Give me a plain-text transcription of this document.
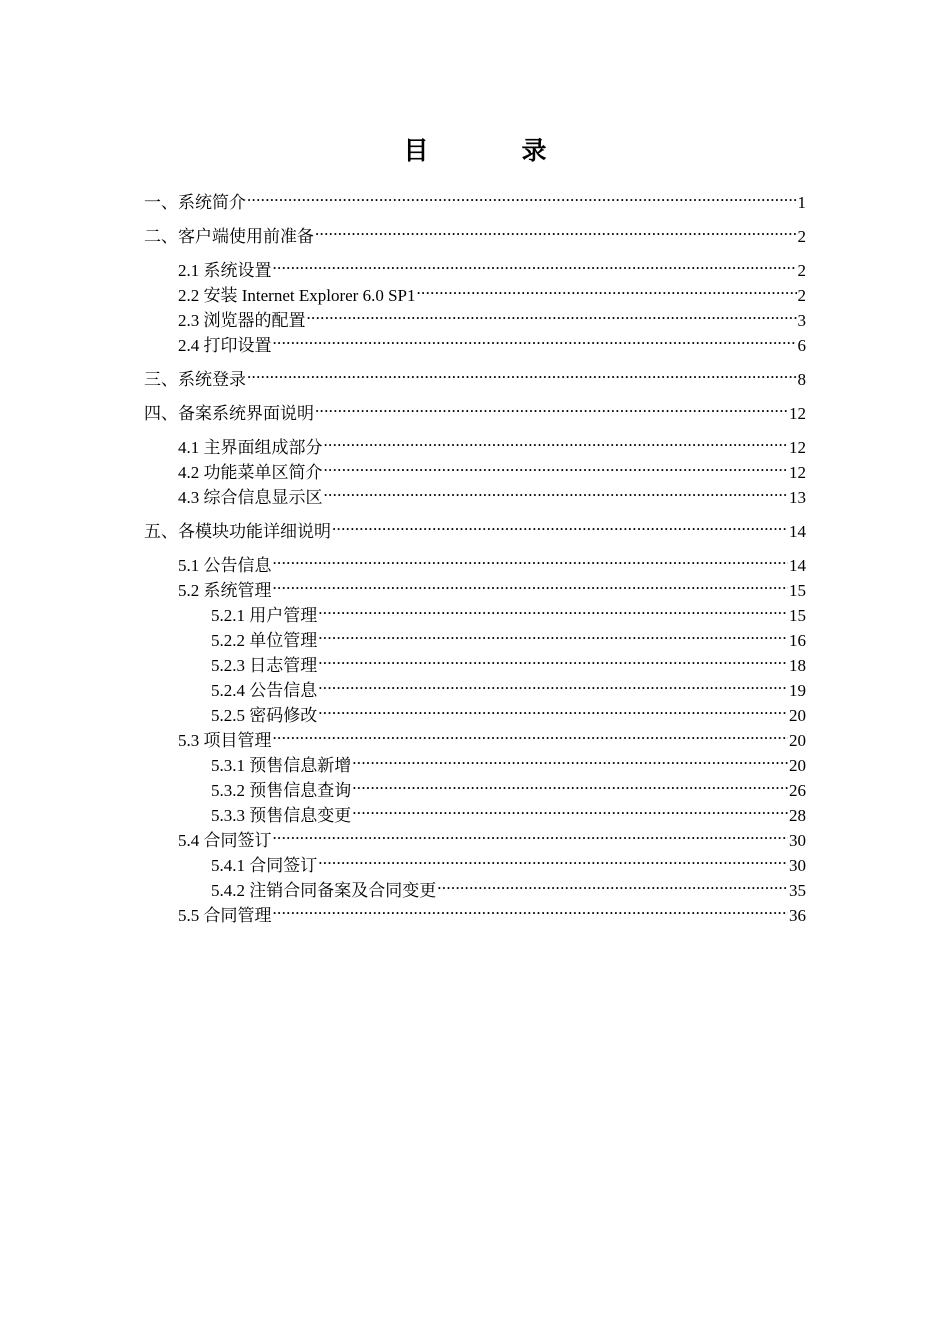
目　录
一、系统简介 .....	1
二、客户端使用前准备 .....	2
2.1 系统设置 .....	2
2.2 安装 Internet Explorer 6.0 SP1 .....	2
2.3 浏览器的配置 .....	3
2.4 打印设置 .....	6
三、系统登录 .....	8
四、备案系统界面说明 .....	12
4.1 主界面组成部分 .....	12
4.2 功能菜单区简介 .....	12
4.3 综合信息显示区 .....	13
五、各模块功能详细说明 .....	14
5.1 公告信息 .....	14
5.2 系统管理 .....	15
5.2.1 用户管理 .....	15
5.2.2 单位管理 .....	16
5.2.3 日志管理 .....	18
5.2.4 公告信息 .....	19
5.2.5 密码修改 .....	20
5.3 项目管理 .....	20
5.3.1 预售信息新增 .....	20
5.3.2 预售信息查询 .....	26
5.3.3 预售信息变更 .....	28
5.4 合同签订 .....	30
5.4.1 合同签订 .....	30
5.4.2 注销合同备案及合同变更 .....	35
5.5 合同管理 .....	36
